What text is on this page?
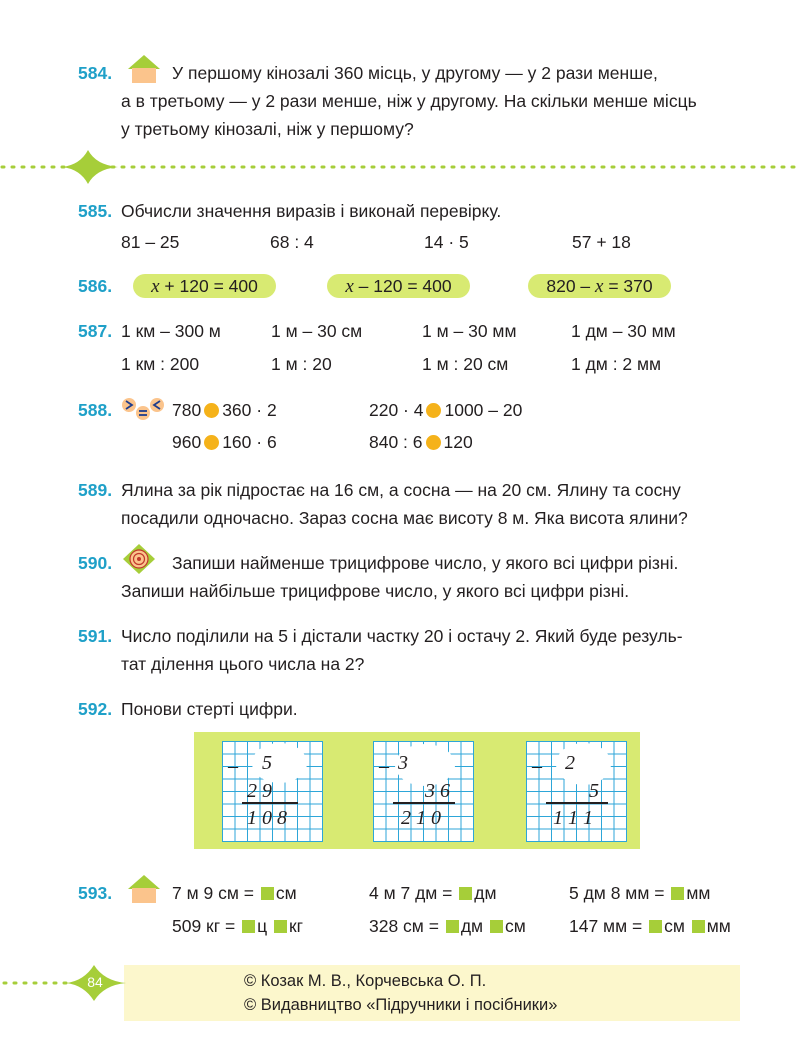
584.	У першому кінозалі 360 місць, у другому — у 2 рази менше,
а в третьому — у 2 рази менше, ніж у другому. На скільки менше місць
у третьому кінозалі, ніж у першому?
585. Обчисли значення виразів і виконай перевірку.
81 – 25	68 : 4	14 · 5	57 + 18
586.	x + 120 = 400	x – 120 = 400	820 – x = 370
587. 1 км – 300 м	1 м – 30 см	1 м – 30 мм	1 дм – 30 мм
1 км : 200	1 м : 20	1 м : 20 см	1 дм : 2 мм
588.	780 360 · 2	220 · 4 1000 – 20
960 160 · 6	840 : 6 120
589. Ялина за рік підростає на 16 см, а сосна — на 20 см. Ялину та сосну
посадили одночасно. Зараз сосна має висоту 8 м. Яка висота ялини?
590.	Запиши найменше трицифрове число, у якого всі цифри різні.
Запиши найбільше трицифрове число, у якого всі цифри різні.
591. Число поділили на 5 і дістали частку 20 і остачу 2. Який буде резуль-
тат ділення цього числа на 2?
592. Понови стерті цифри.
– 5
2 9
1 0 8
– 3
3 6
2 1 0
– 2
5
1 1 1
593.	7 м 9 см = см	4 м 7 дм = дм	5 дм 8 мм = мм
509 кг = ц кг	328 см = дм см 147 мм = см мм
84	© Козак М. В., Корчевська О. П.
© Видавництво «Підручники і посібники»
